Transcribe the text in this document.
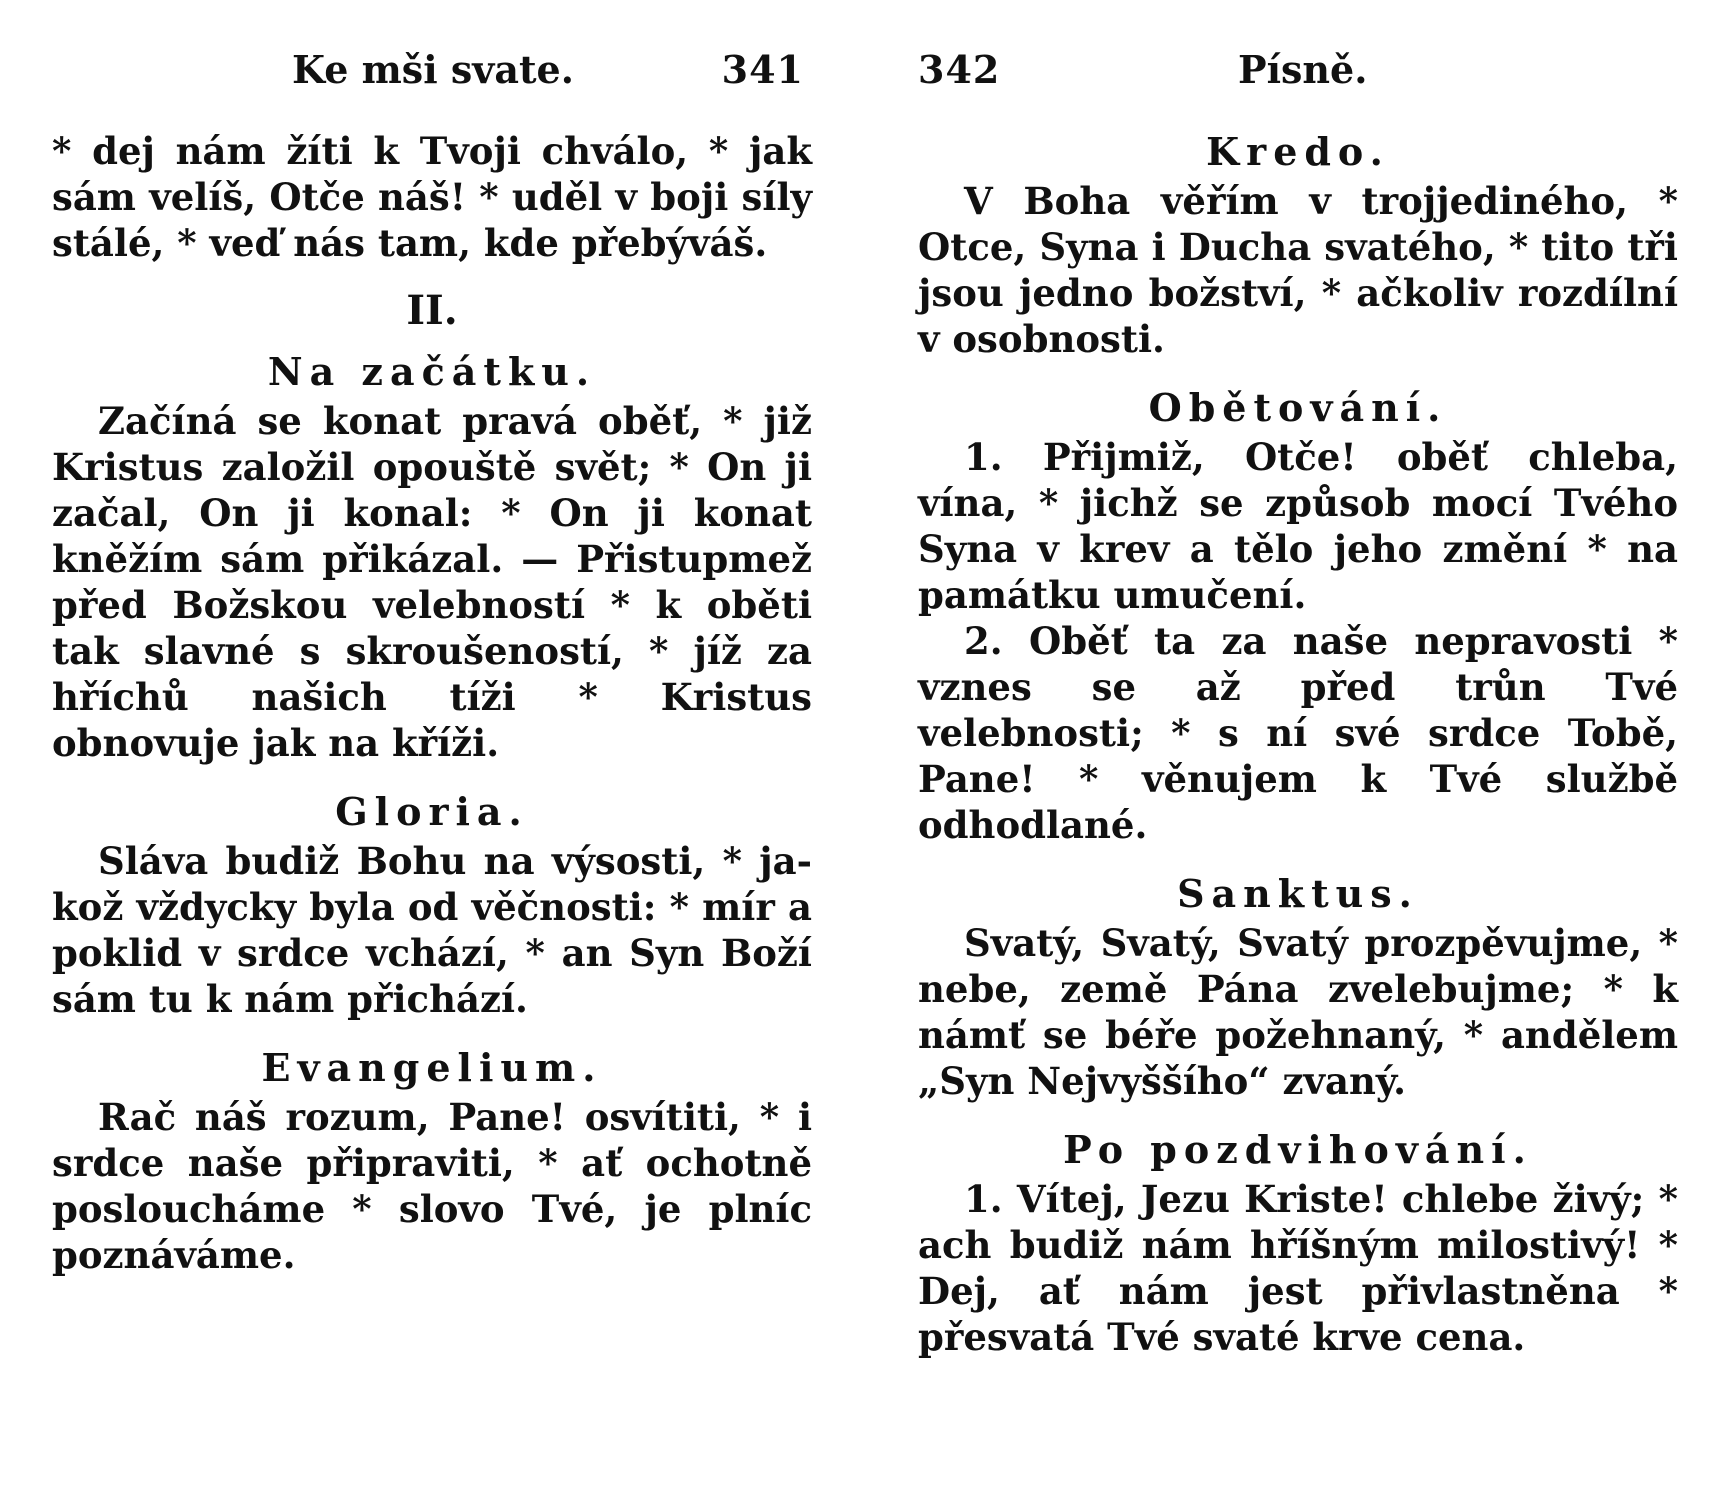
Ke mši svate.	341

* dej nám žíti k Tvoji chválo, * jak sám velíš, Otče náš! * uděl v boji síly stálé, * veď nás tam, kde přebýváš.

II.
Na začátku.

Začíná se konat pravá oběť, * již Kristus založil opouště svět; * On ji začal, On ji konal: * On ji konat kněžím sám přikázal. — Přistupmež před Božskou velebností * k oběti tak slavné s skroušeností, * jíž za hříchů našich tíži * Kristus obnovuje jak na kříži.

Gloria.

Sláva budiž Bohu na výsosti, * jakož vždycky byla od věčnosti: * mír a poklid v srdce vchází, * an Syn Boží sám tu k nám přichází.

Evangelium.

Rač náš rozum, Pane! osvítiti, * i srdce naše připraviti, * ať ochotně posloucháme * slovo Tvé, je plníc poznáváme.

342	Písně.
Kredo.

V Boha věřím v trojjediného, * Otce, Syna i Ducha svatého, * tito tři jsou jedno božství, * ačkoliv rozdílní v osobnosti.

Obětování.

1. Přijmiž, Otče! oběť chleba, vína, * jichž se způsob mocí Tvého Syna v krev a tělo jeho změní * na památku umučení.

2. Oběť ta za naše nepravosti * vznes se až před trůn Tvé velebnosti; * s ní své srdce Tobě, Pane! * věnujem k Tvé službě odhodlané.

Sanktus.

Svatý, Svatý, Svatý prozpěvujme, * nebe, země Pána zvelebujme; * k námť se béře požehnaný, * andělem „Syn Nejvyššího“ zvaný.

Po pozdvihování.

1. Vítej, Jezu Kriste! chlebe živý; * ach budiž nám hříšným milostivý! * Dej, ať nám jest přivlastněna * přesvatá Tvé svaté krve cena.
